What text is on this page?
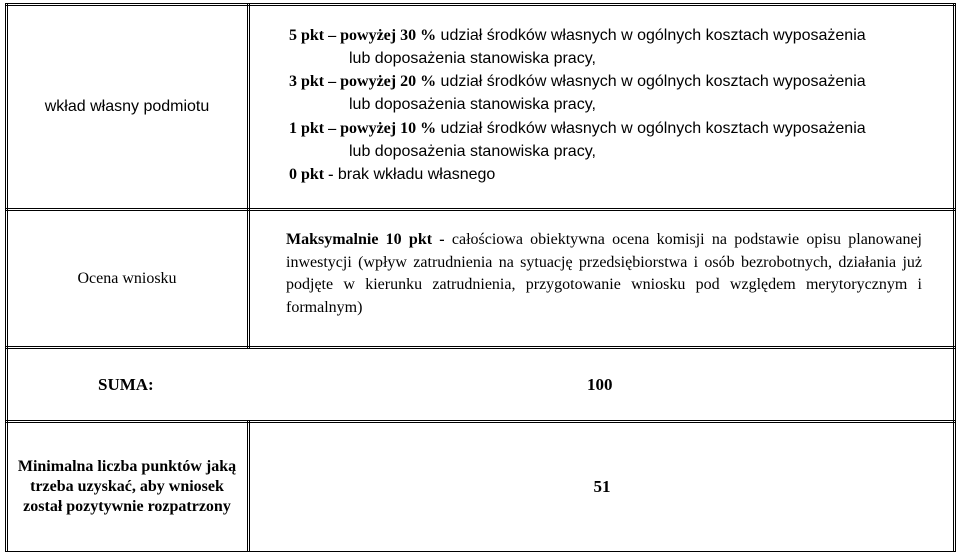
wkład własny podmiotu
5 pkt – powyżej 30 % udział środków własnych w ogólnych kosztach wyposażenia
lub doposażenia stanowiska pracy,
3 pkt – powyżej 20 % udział środków własnych w ogólnych kosztach wyposażenia
lub doposażenia stanowiska pracy,
1 pkt – powyżej 10 % udział środków własnych w ogólnych kosztach wyposażenia
lub doposażenia stanowiska pracy,
0 pkt - brak wkładu własnego
Ocena wniosku
Maksymalnie 10 pkt - całościowa obiektywna ocena komisji na podstawie opisu planowanej inwestycji (wpływ zatrudnienia na sytuację przedsiębiorstwa i osób bezrobotnych, działania już podjęte w kierunku zatrudnienia, przygotowanie wniosku pod względem merytorycznym i formalnym)
SUMA:	100
Minimalna liczba punktów jaką trzeba uzyskać, aby wniosek został pozytywnie rozpatrzony
51
